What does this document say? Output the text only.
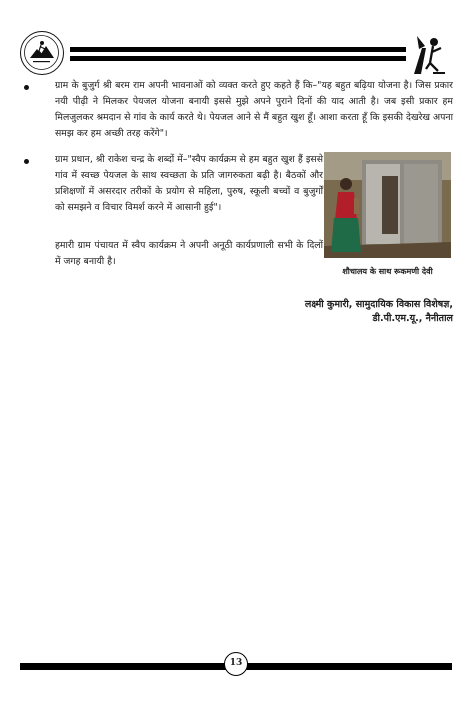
ग्राम के बुजुर्ग श्री बरम राम अपनी भावनाओं को व्यक्त करते हुए कहते हैं कि–"यह बहुत बढ़िया योजना है। जिस प्रकार नयी पीढ़ी ने मिलकर पेयजल योजना बनायी इससे मुझे अपने पुराने दिनों की याद आती है। जब इसी प्रकार हम मिलजुलकर श्रमदान से गांव के कार्य करते थे। पेयजल आने से मैं बहुत खुश हूँ। आशा करता हूँ कि इसकी देखरेख अपना समझ कर हम अच्छी तरह करेंगे"।
ग्राम प्रधान, श्री राकेश चन्द्र के शब्दों में–"स्वैप कार्यक्रम से हम बहुत खुश हैं इससे गांव में स्वच्छ पेयजल के साथ स्वच्छता के प्रति जागरुकता बढ़ी है। बैठकों और प्रशिक्षणों में असरदार तरीकों के प्रयोग से महिला, पुरुष, स्कूली बच्चों व बुजुर्गों को समझने व विचार विमर्श करने में आसानी हुई"।
शौचालय के साथ रूकमणी देवी
हमारी ग्राम पंचायत में स्वैप कार्यक्रम ने अपनी अनूठी कार्यप्रणाली सभी के दिलों में जगह बनायी है।
लक्ष्मी कुमारी, सामुदायिक विकास विशेषज्ञ,
डी.पी.एम.यू., नैनीताल
13
